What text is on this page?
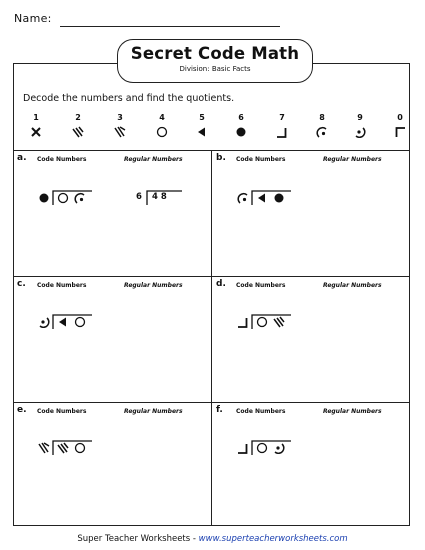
Name:
Secret Code Math
Division: Basic Facts
Decode the numbers and find the quotients.
1	2	3	4	5	6	7	8	9	0
a. Code Numbers	Regular Numbers
6 4 8
b. Code Numbers	Regular Numbers
c. Code Numbers	Regular Numbers	d. Code Numbers	Regular Numbers
e. Code Numbers	Regular Numbers	f. Code Numbers	Regular Numbers
Super Teacher Worksheets - www.superteacherworksheets.com
